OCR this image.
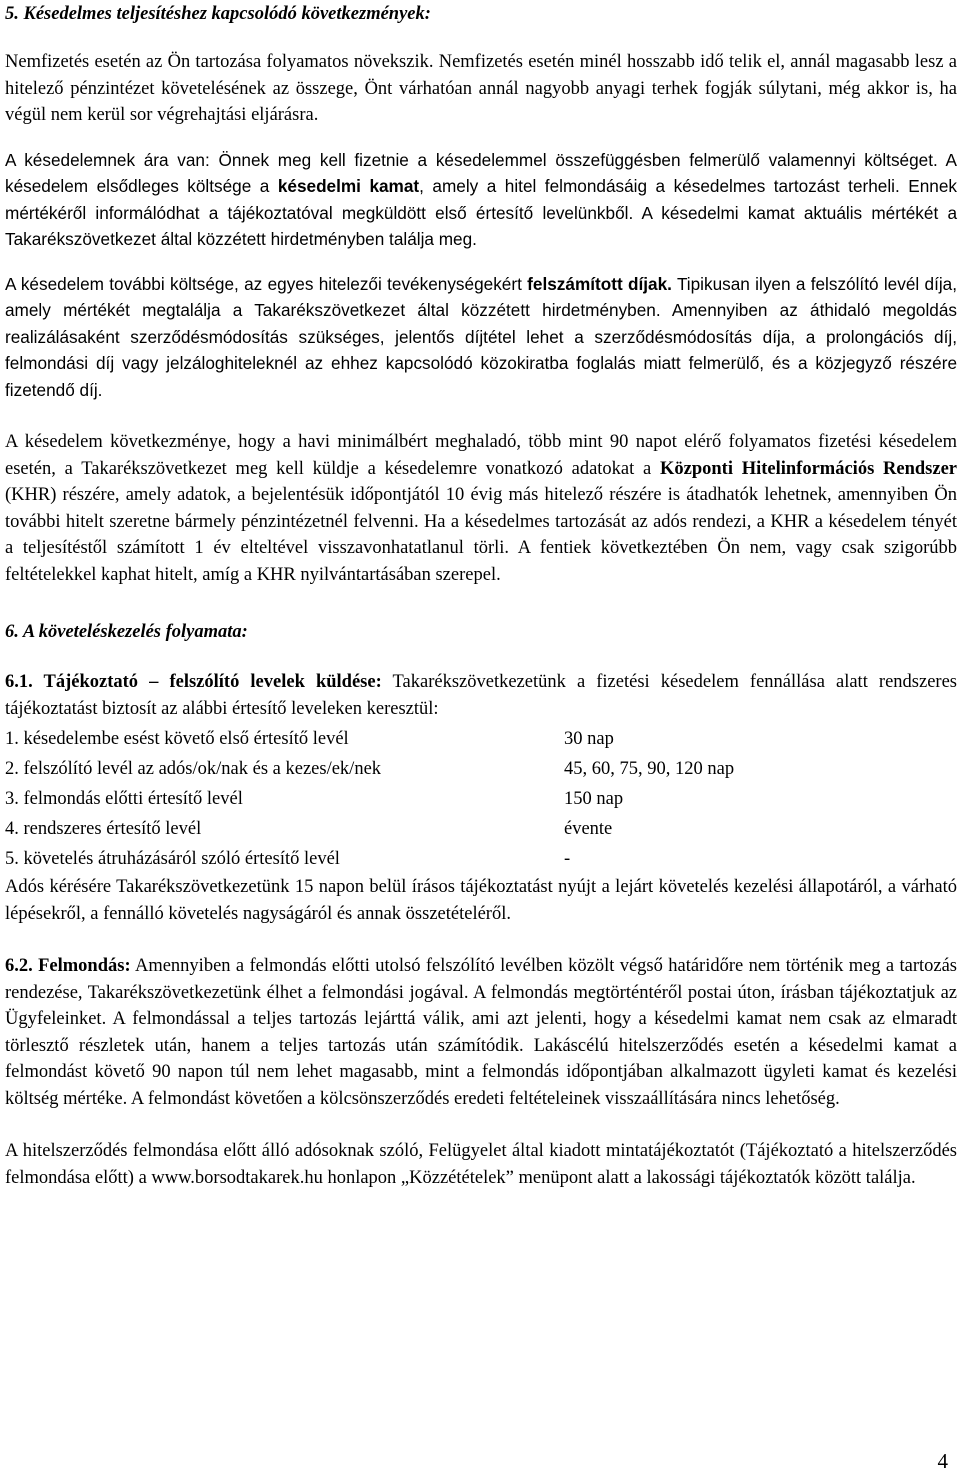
5. Késedelmes teljesítéshez kapcsolódó következmények:

Nemfizetés esetén az Ön tartozása folyamatos növekszik. Nemfizetés esetén minél hosszabb idő telik el, annál magasabb lesz a hitelező pénzintézet követelésének az összege, Önt várhatóan annál nagyobb anyagi terhek fogják súlytani, még akkor is, ha végül nem kerül sor végrehajtási eljárásra.

A késedelemnek ára van: Önnek meg kell fizetnie a késedelemmel összefüggésben felmerülő valamennyi költséget. A késedelem elsődleges költsége a késedelmi kamat, amely a hitel felmondásáig a késedelmes tartozást terheli. Ennek mértékéről informálódhat a tájékoztatóval megküldött első értesítő levelünkből. A késedelmi kamat aktuális mértékét a Takarékszövetkezet által közzétett hirdetményben találja meg.

A késedelem további költsége, az egyes hitelezői tevékenységekért felszámított díjak. Tipikusan ilyen a felszólító levél díja, amely mértékét megtalálja a Takarékszövetkezet által közzétett hirdetményben. Amennyiben az áthidaló megoldás realizálásaként szerződésmódosítás szükséges, jelentős díjtétel lehet a szerződésmódosítás díja, a prolongációs díj, felmondási díj vagy jelzáloghiteleknél az ehhez kapcsolódó közokiratba foglalás miatt felmerülő, és a közjegyző részére fizetendő díj.

A késedelem következménye, hogy a havi minimálbért meghaladó, több mint 90 napot elérő folyamatos fizetési késedelem esetén, a Takarékszövetkezet meg kell küldje a késedelemre vonatkozó adatokat a Központi Hitelinformációs Rendszer (KHR) részére, amely adatok, a bejelentésük időpontjától 10 évig más hitelező részére is átadhatók lehetnek, amennyiben Ön további hitelt szeretne bármely pénzintézetnél felvenni. Ha a késedelmes tartozását az adós rendezi, a KHR a késedelem tényét a teljesítéstől számított 1 év elteltével visszavonhatatlanul törli. A fentiek következtében Ön nem, vagy csak szigorúbb feltételekkel kaphat hitelt, amíg a KHR nyilvántartásában szerepel.

6. A követeléskezelés folyamata:

6.1. Tájékoztató – felszólító levelek küldése: Takarékszövetkezetünk a fizetési késedelem fennállása alatt rendszeres tájékoztatást biztosít az alábbi értesítő leveleken keresztül:

1. késedelembe esést követő első értesítő levél	30 nap
2. felszólító levél az adós/ok/nak és a kezes/ek/nek	45, 60, 75, 90, 120 nap
3. felmondás előtti értesítő levél	150 nap
4. rendszeres értesítő levél	évente
5. követelés átruházásáról szóló értesítő levél	-

Adós kérésére Takarékszövetkezetünk 15 napon belül írásos tájékoztatást nyújt a lejárt követelés kezelési állapotáról, a várható lépésekről, a fennálló követelés nagyságáról és annak összetételéről.

6.2. Felmondás: Amennyiben a felmondás előtti utolsó felszólító levélben közölt végső határidőre nem történik meg a tartozás rendezése, Takarékszövetkezetünk élhet a felmondási jogával. A felmondás megtörténtéről postai úton, írásban tájékoztatjuk az Ügyfeleinket. A felmondással a teljes tartozás lejárttá válik, ami azt jelenti, hogy a késedelmi kamat nem csak az elmaradt törlesztő részletek után, hanem a teljes tartozás után számítódik. Lakáscélú hitelszerződés esetén a késedelmi kamat a felmondást követő 90 napon túl nem lehet magasabb, mint a felmondás időpontjában alkalmazott ügyleti kamat és kezelési költség mértéke. A felmondást követően a kölcsönszerződés eredeti feltételeinek visszaállítására nincs lehetőség.

A hitelszerződés felmondása előtt álló adósoknak szóló, Felügyelet által kiadott mintatájékoztatót (Tájékoztató a hitelszerződés felmondása előtt) a www.borsodtakarek.hu honlapon „Közzétételek” menüpont alatt a lakossági tájékoztatók között találja.

4
